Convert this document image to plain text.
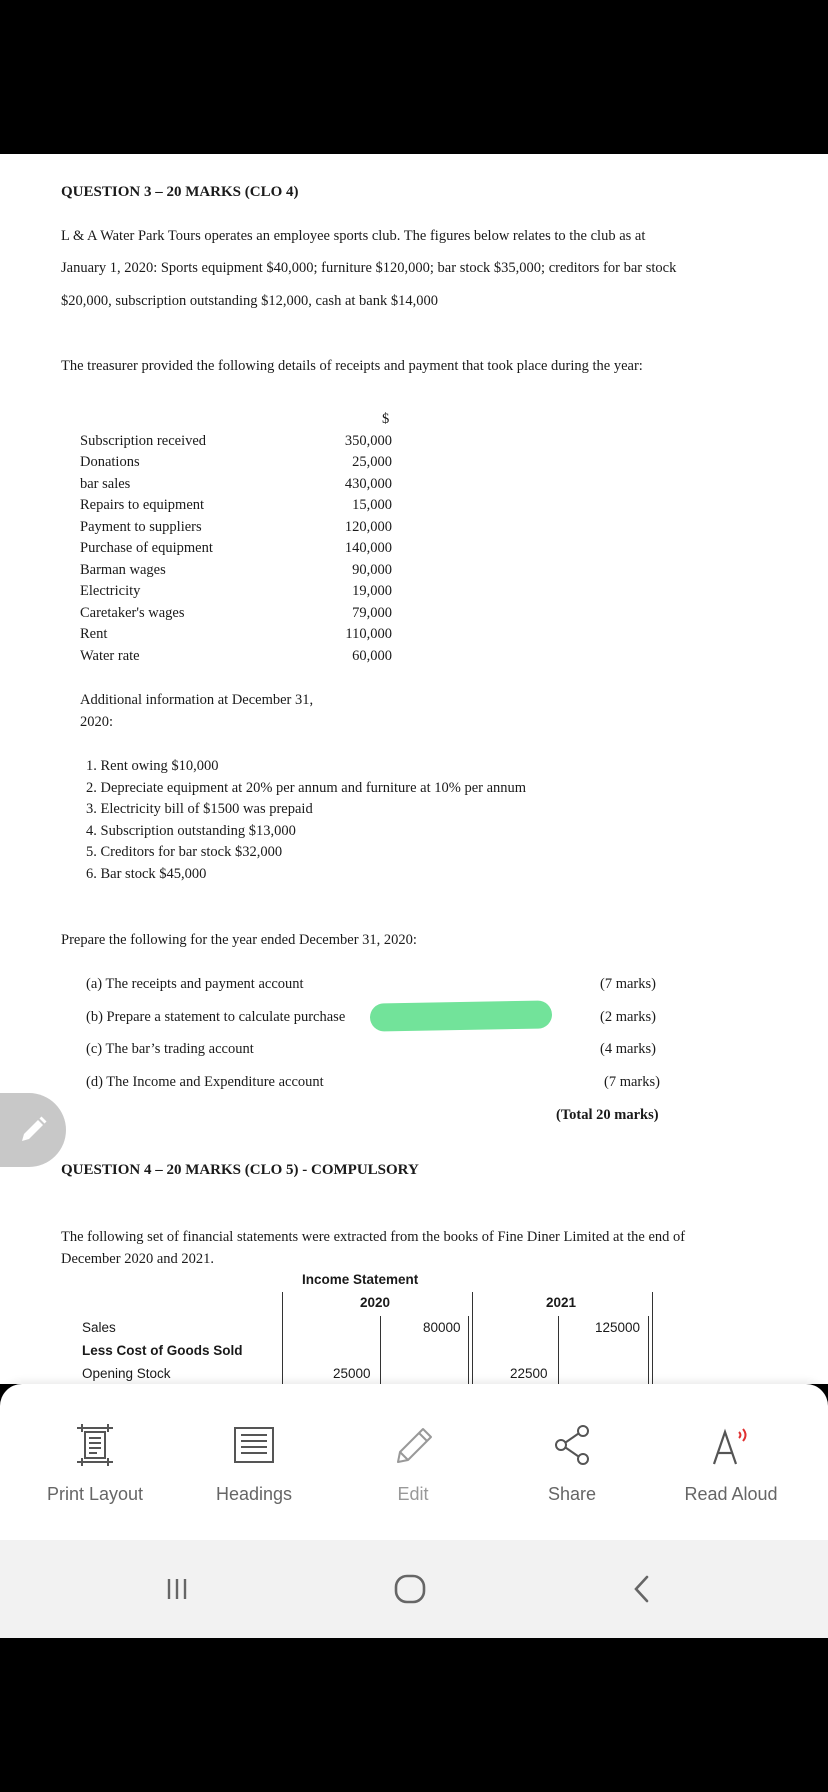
QUESTION 3 – 20 MARKS (CLO 4)
L & A Water Park Tours operates an employee sports club. The figures below relates to the club as at
January 1, 2020: Sports equipment $40,000; furniture $120,000; bar stock $35,000; creditors for bar stock
$20,000, subscription outstanding $12,000, cash at bank $14,000
The treasurer provided the following details of receipts and payment that took place during the year:
$
Subscription received	350,000
Donations	25,000
bar sales	430,000
Repairs to equipment	15,000
Payment to suppliers	120,000
Purchase of equipment	140,000
Barman wages	90,000
Electricity	19,000
Caretaker's wages	79,000
Rent	110,000
Water rate	60,000
Additional information at December 31,
2020:
1. Rent owing $10,000
2. Depreciate equipment at 20% per annum and furniture at 10% per annum
3. Electricity bill of $1500 was prepaid
4. Subscription outstanding $13,000
5. Creditors for bar stock $32,000
6. Bar stock $45,000
Prepare the following for the year ended December 31, 2020:
(a) The receipts and payment account	(7 marks)
(b) Prepare a statement to calculate purchase	(2 marks)
(c) The bar’s trading account	(4 marks)
(d) The Income and Expenditure account	(7 marks)
(Total 20 marks)
QUESTION 4 – 20 MARKS (CLO 5) - COMPULSORY
The following set of financial statements were extracted from the books of Fine Diner Limited at the end of
December 2020 and 2021.
Income Statement
2020	2021
Sales	80000	125000
Less Cost of Goods Sold
Opening Stock	25000	22500
Print Layout	Headings	Edit	Share	Read Aloud
